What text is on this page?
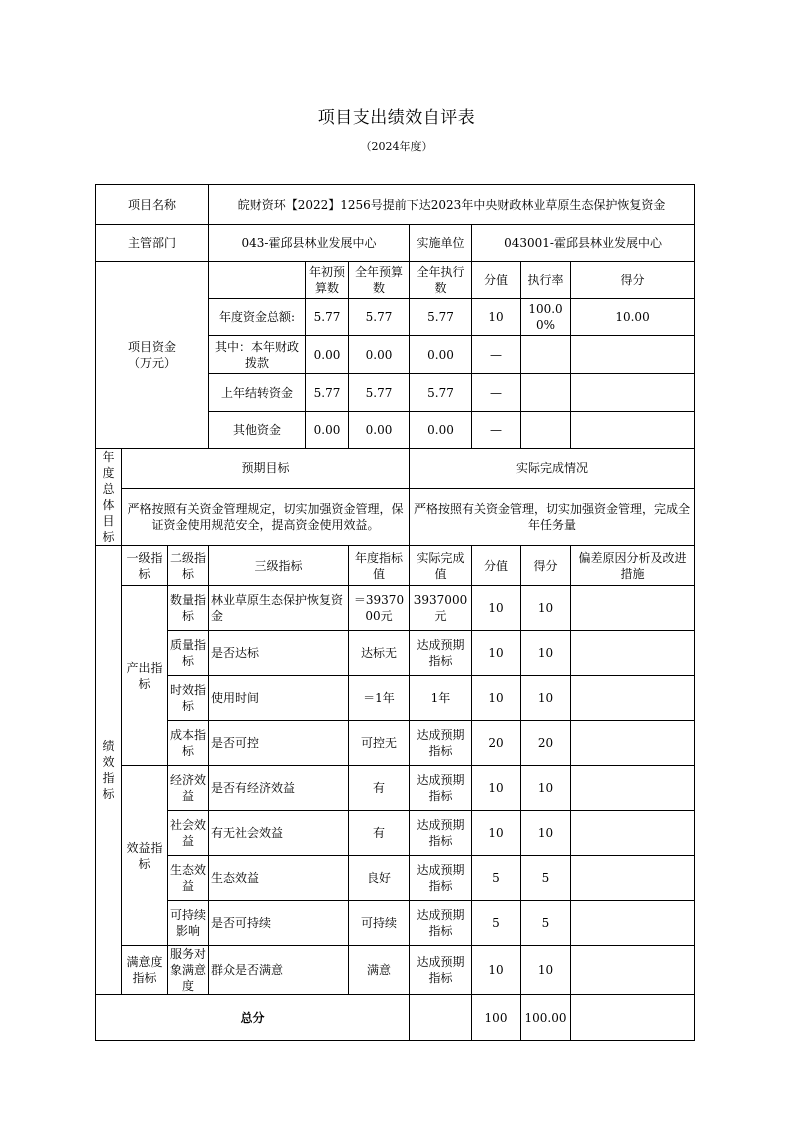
项目支出绩效自评表
（2024年度）
项目名称			皖财资环【2022】1256号提前下达2023年中央财政林业草原生态保护恢复资金						
主管部门			043-霍邱县林业发展中心			实施单位	043001-霍邱县林业发展中心		
项目资金
（万元）				年初预算数	全年预算数	全年执行数	分值	执行率	得分
			年度资金总额:	5.77	5.77	5.77	10	100.00%	10.00
			其中：本年财政拨款	0.00	0.00	0.00	—		
			上年结转资金	5.77	5.77	5.77	—		
			其他资金	0.00	0.00	0.00	—		
年度总体目标	预期目标					实际完成情况			
	严格按照有关资金管理规定，切实加强资金管理，保证资金使用规范安全，提高资金使用效益。					严格按照有关资金管理，切实加强资金管理，完成全年任务量			
绩效指标	一级指标	二级指标	三级指标		年度指标值	实际完成值	分值	得分	偏差原因分析及改进措施
	产出指标	数量指标	林业草原生态保护恢复资金		＝3937000元	3937000元	10	10	
		质量指标	是否达标		达标无	达成预期指标	10	10	
		时效指标	使用时间		＝1年	1年	10	10	
		成本指标	是否可控		可控无	达成预期指标	20	20	
	效益指标	经济效益	是否有经济效益		有	达成预期指标	10	10	
		社会效益	有无社会效益		有	达成预期指标	10	10	
		生态效益	生态效益		良好	达成预期指标	5	5	
		可持续影响	是否可持续		可持续	达成预期指标	5	5	
	满意度指标	服务对象满意度	群众是否满意		满意	达成预期指标	10	10	
总分							100	100.00	
